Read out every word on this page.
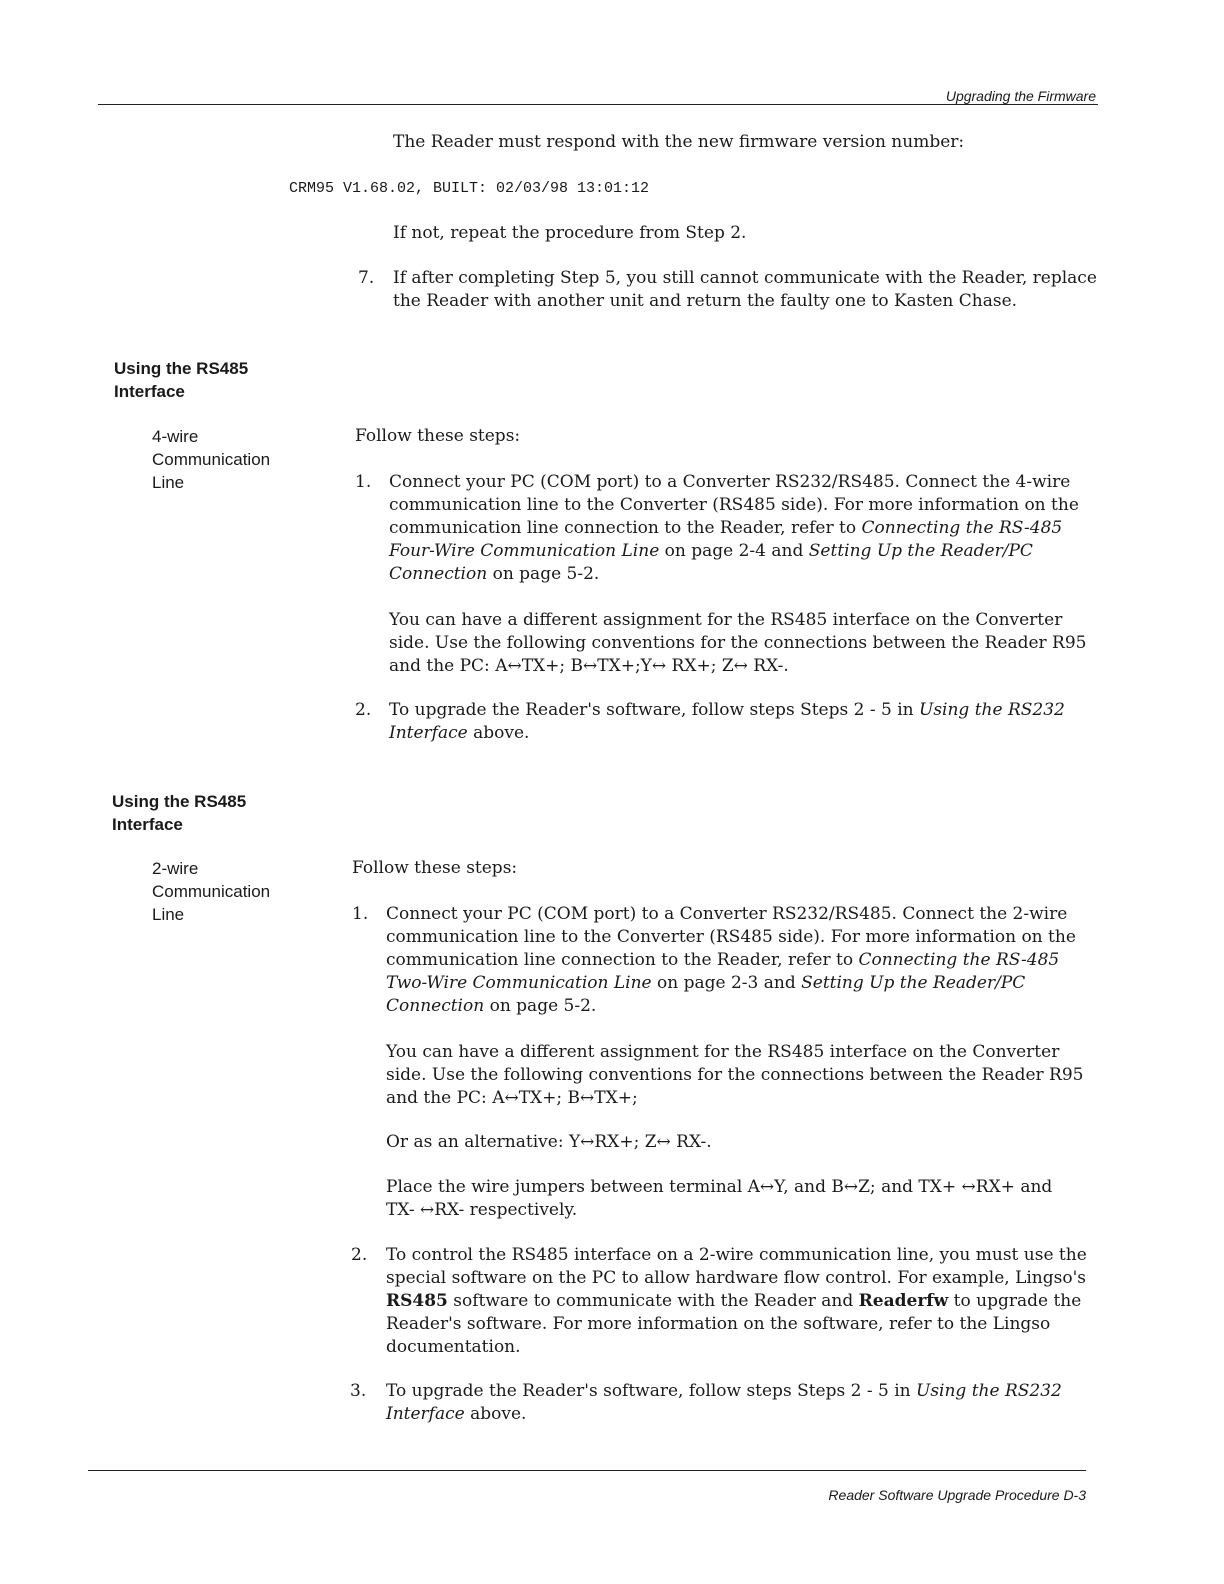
Upgrading the Firmware
The Reader must respond with the new firmware version number:
CRM95 V1.68.02, BUILT: 02/03/98 13:01:12
If not, repeat the procedure from Step 2.
7. If after completing Step 5, you still cannot communicate with the Reader, replace the Reader with another unit and return the faulty one to Kasten Chase.
Using the RS485
Interface
4-wire
Communication
Line
Follow these steps:
1. Connect your PC (COM port) to a Converter RS232/RS485. Connect the 4-wire communication line to the Converter (RS485 side). For more information on the communication line connection to the Reader, refer to Connecting the RS-485 Four-Wire Communication Line on page 2-4 and Setting Up the Reader/PC Connection on page 5-2.
You can have a different assignment for the RS485 interface on the Converter side. Use the following conventions for the connections between the Reader R95 and the PC: A↔TX+; B↔TX+;Y↔ RX+; Z↔ RX-.
2. To upgrade the Reader's software, follow steps Steps 2 - 5 in Using the RS232 Interface above.
Using the RS485
Interface
2-wire
Communication
Line
Follow these steps:
1. Connect your PC (COM port) to a Converter RS232/RS485. Connect the 2-wire communication line to the Converter (RS485 side). For more information on the communication line connection to the Reader, refer to Connecting the RS-485 Two-Wire Communication Line on page 2-3 and Setting Up the Reader/PC Connection on page 5-2.
You can have a different assignment for the RS485 interface on the Converter side. Use the following conventions for the connections between the Reader R95 and the PC: A↔TX+; B↔TX+;
Or as an alternative: Y↔RX+; Z↔ RX-.
Place the wire jumpers between terminal A↔Y, and B↔Z; and TX+ ↔RX+ and TX- ↔RX- respectively.
2. To control the RS485 interface on a 2-wire communication line, you must use the special software on the PC to allow hardware flow control. For example, Lingso's RS485 software to communicate with the Reader and Readerfw to upgrade the Reader's software. For more information on the software, refer to the Lingso documentation.
3. To upgrade the Reader's software, follow steps Steps 2 - 5 in Using the RS232 Interface above.
Reader Software Upgrade Procedure D-3
